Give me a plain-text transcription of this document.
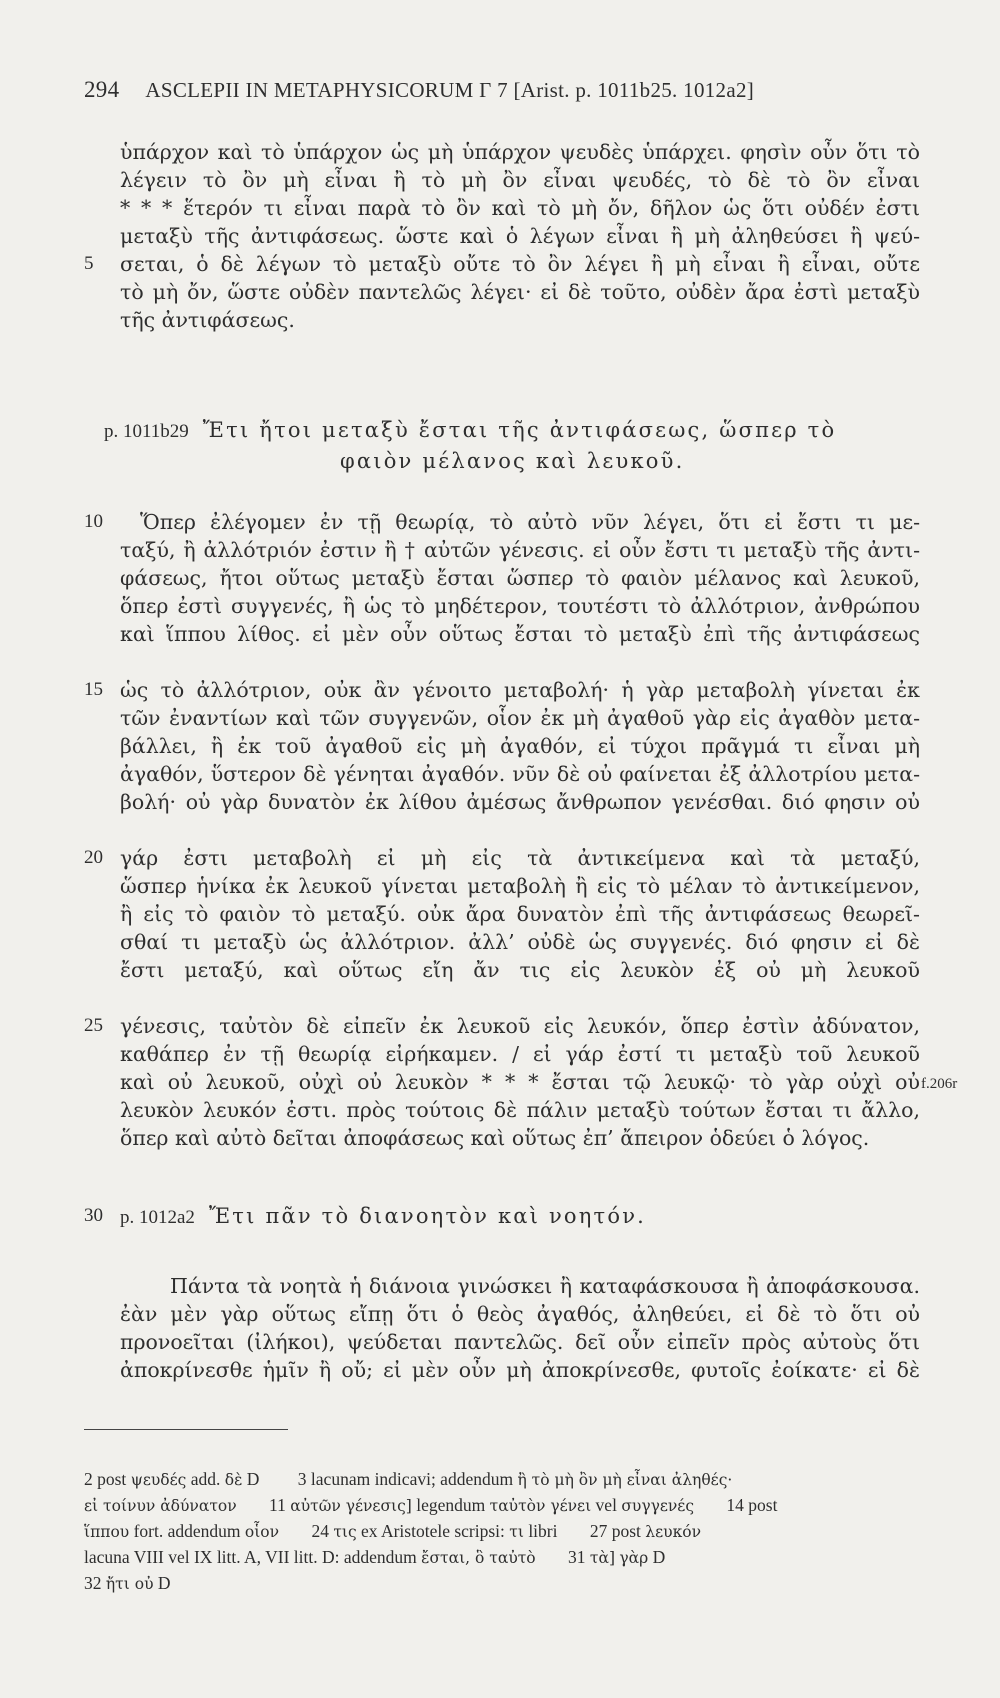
294 ASCLEPII IN METAPHYSICORUM Γ 7 [Arist. p. 1011b25. 1012a2]
ὑπάρχον καὶ τὸ ὑπάρχον ὡς μὴ ὑπάρχον ψευδὲς ὑπάρχει. φησὶν οὖν ὅτι τὸ
λέγειν τὸ ὂν μὴ εἶναι ἢ τὸ μὴ ὂν εἶναι ψευδές, τὸ δὲ τὸ ὂν εἶναι
* * * ἕτερόν τι εἶναι παρὰ τὸ ὂν καὶ τὸ μὴ ὄν, δῆλον ὡς ὅτι οὐδέν ἐστι
μεταξὺ τῆς ἀντιφάσεως. ὥστε καὶ ὁ λέγων εἶναι ἢ μὴ ἀληθεύσει ἢ ψεύ-
5	σεται, ὁ δὲ λέγων τὸ μεταξὺ οὔτε τὸ ὂν λέγει ἢ μὴ εἶναι ἢ εἶναι, οὔτε
τὸ μὴ ὄν, ὥστε οὐδὲν παντελῶς λέγει· εἰ δὲ τοῦτο, οὐδὲν ἄρα ἐστὶ μεταξὺ
τῆς ἀντιφάσεως.
p. 1011b29 Ἔτι ἤτοι μεταξὺ ἔσται τῆς ἀντιφάσεως, ὥσπερ τὸ
φαιὸν μέλανος καὶ λευκοῦ.
10	Ὅπερ ἐλέγομεν ἐν τῇ θεωρίᾳ, τὸ αὐτὸ νῦν λέγει, ὅτι εἰ ἔστι τι με-
ταξύ, ἢ ἀλλότριόν ἐστιν ἢ † αὐτῶν γένεσις. εἰ οὖν ἔστι τι μεταξὺ τῆς ἀντι-
φάσεως, ἤτοι οὕτως μεταξὺ ἔσται ὥσπερ τὸ φαιὸν μέλανος καὶ λευκοῦ,
ὅπερ ἐστὶ συγγενές, ἢ ὡς τὸ μηδέτερον, τουτέστι τὸ ἀλλότριον, ἀνθρώπου
καὶ ἵππου λίθος. εἰ μὲν οὖν οὕτως ἔσται τὸ μεταξὺ ἐπὶ τῆς ἀντιφάσεως
15 ὡς τὸ ἀλλότριον, οὐκ ἂν γένοιτο μεταβολή· ἡ γὰρ μεταβολὴ γίνεται ἐκ
τῶν ἐναντίων καὶ τῶν συγγενῶν, οἷον ἐκ μὴ ἀγαθοῦ γὰρ εἰς ἀγαθὸν μετα-
βάλλει, ἢ ἐκ τοῦ ἀγαθοῦ εἰς μὴ ἀγαθόν, εἰ τύχοι πρᾶγμά τι εἶναι μὴ
ἀγαθόν, ὕστερον δὲ γένηται ἀγαθόν. νῦν δὲ οὐ φαίνεται ἐξ ἀλλοτρίου μετα-
βολή· οὐ γὰρ δυνατὸν ἐκ λίθου ἀμέσως ἄνθρωπον γενέσθαι. διό φησιν οὐ
20 γάρ ἐστι μεταβολὴ εἰ μὴ εἰς τὰ ἀντικείμενα καὶ τὰ μεταξύ,
ὥσπερ ἡνίκα ἐκ λευκοῦ γίνεται μεταβολὴ ἢ εἰς τὸ μέλαν τὸ ἀντικείμενον,
ἢ εἰς τὸ φαιὸν τὸ μεταξύ. οὐκ ἄρα δυνατὸν ἐπὶ τῆς ἀντιφάσεως θεωρεῖ-
σθαί τι μεταξὺ ὡς ἀλλότριον. ἀλλ’ οὐδὲ ὡς συγγενές. διό φησιν εἰ δὲ
ἔστι μεταξύ, καὶ οὕτως εἴη ἄν τις εἰς λευκὸν ἐξ οὐ μὴ λευκοῦ
25 γένεσις, ταὐτὸν δὲ εἰπεῖν ἐκ λευκοῦ εἰς λευκόν, ὅπερ ἐστὶν ἀδύνατον,
καθάπερ ἐν τῇ θεωρίᾳ εἰρήκαμεν. / εἰ γάρ ἐστί τι μεταξὺ τοῦ λευκοῦ
f.206r
καὶ οὐ λευκοῦ, οὐχὶ οὐ λευκὸν * * * ἔσται τῷ λευκῷ· τὸ γὰρ οὐχὶ οὐ
λευκὸν λευκόν ἐστι. πρὸς τούτοις δὲ πάλιν μεταξὺ τούτων ἔσται τι ἄλλο,
ὅπερ καὶ αὐτὸ δεῖται ἀποφάσεως καὶ οὕτως ἐπ’ ἄπειρον ὁδεύει ὁ λόγος.
30 p. 1012a2 Ἔτι πᾶν τὸ διανοητὸν καὶ νοητόν.
Πάντα τὰ νοητὰ ἡ διάνοια γινώσκει ἢ καταφάσκουσα ἢ ἀποφάσκουσα.
ἐὰν μὲν γὰρ οὕτως εἴπῃ ὅτι ὁ θεὸς ἀγαθός, ἀληθεύει, εἰ δὲ τὸ ὅτι οὐ
προνοεῖται (ἰλήκοι), ψεύδεται παντελῶς. δεῖ οὖν εἰπεῖν πρὸς αὐτοὺς ὅτι
ἀποκρίνεσθε ἡμῖν ἢ οὔ; εἰ μὲν οὖν μὴ ἀποκρίνεσθε, φυτοῖς ἐοίκατε· εἰ δὲ
2 post ψευδές add. δὲ D 3 lacunam indicavi; addendum ἢ τὸ μὴ ὂν μὴ εἶναι ἀληθές·
εἰ τοίνυν ἀδύνατον 11 αὐτῶν γένεσις] legendum ταὐτὸν γένει vel συγγενές 14 post
ἵππου fort. addendum οἷον 24 τις ex Aristotele scripsi: τι libri 27 post λευκόν
lacuna VIII vel IX litt. A, VII litt. D: addendum ἔσται, ὃ ταὐτὸ 31 τὰ] γὰρ D
32 ἤτι οὐ D
